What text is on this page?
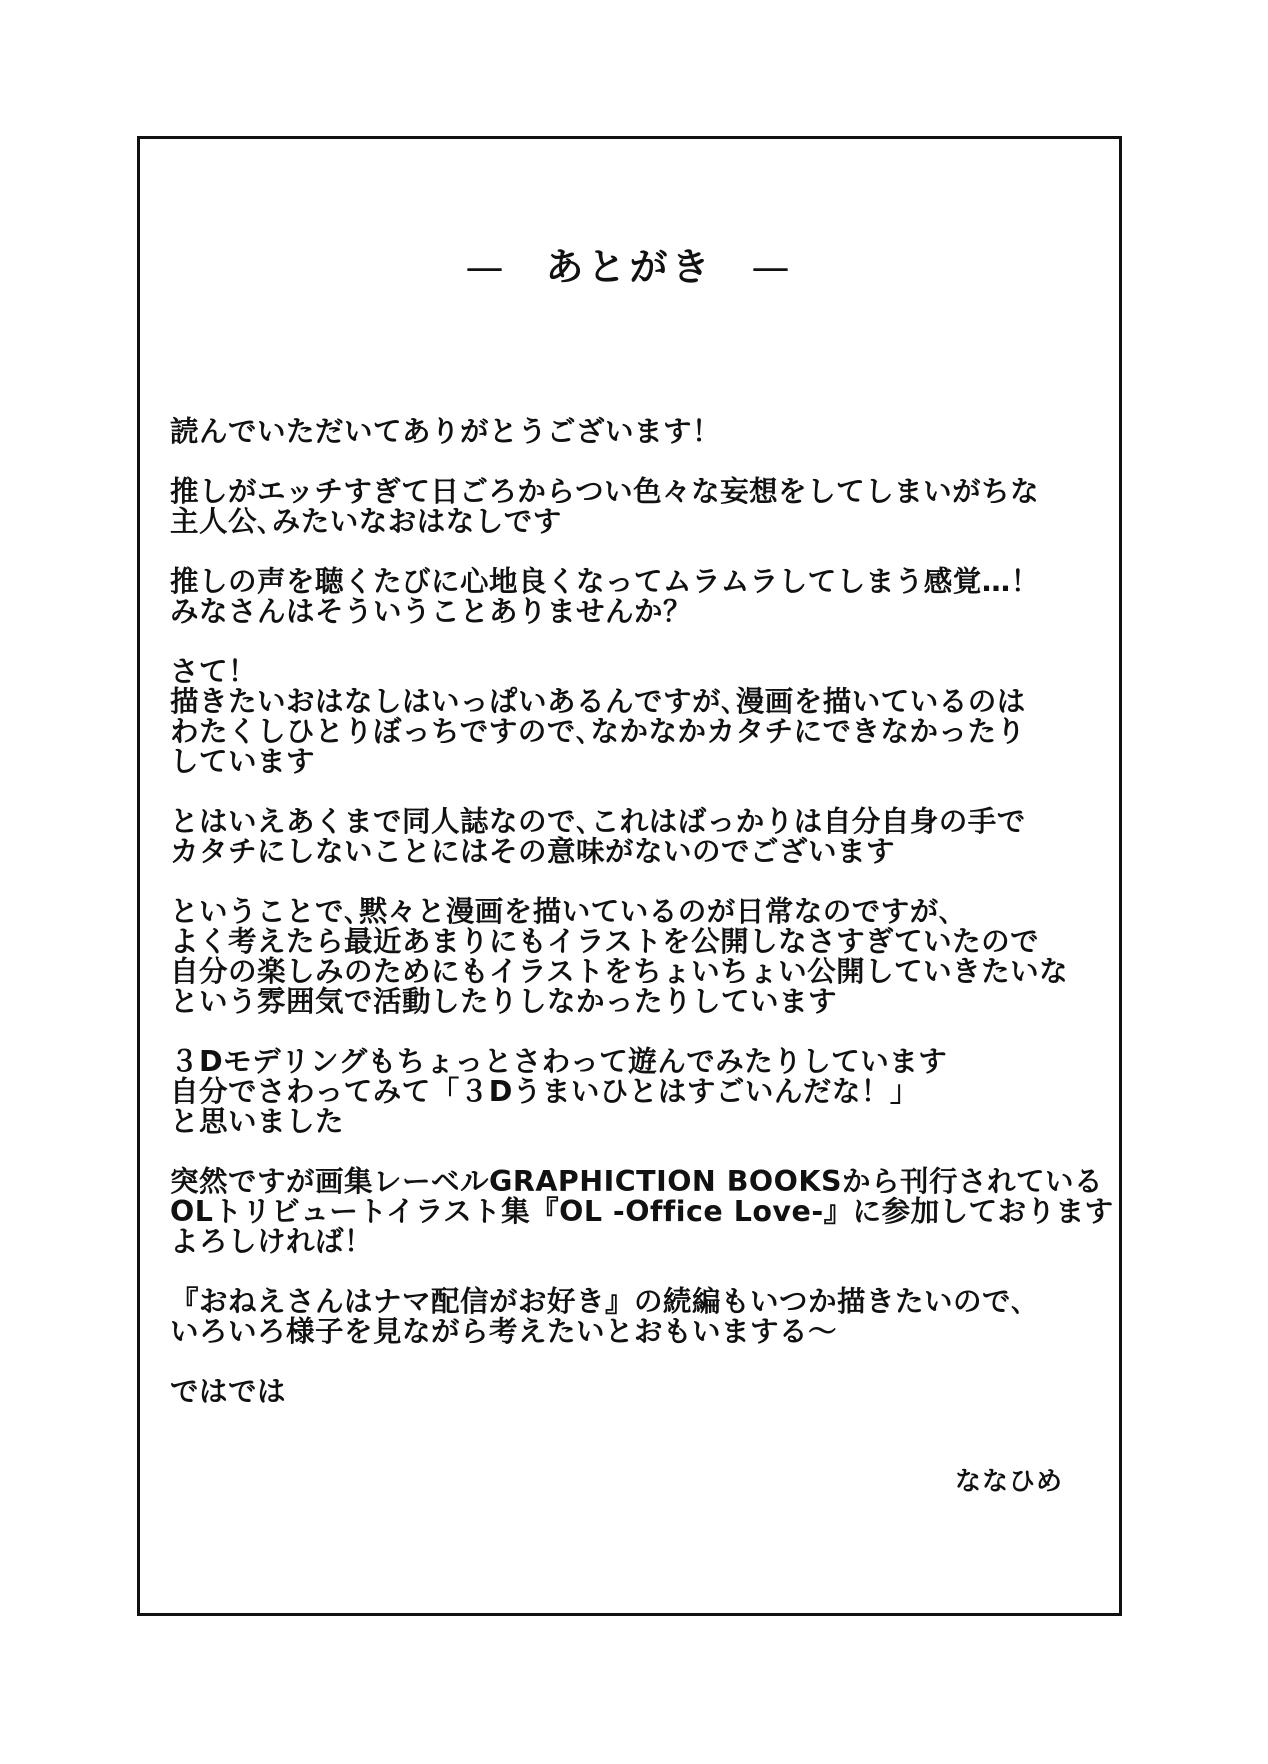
— あとがき —
読んでいただいてありがとうございます！
推しがエッチすぎて日ごろからつい色々な妄想をしてしまいがちな
主人公､みたいなおはなしです
推しの声を聴くたびに心地良くなってムラムラしてしまう感覚…！
みなさんはそういうことありませんか？
さて！
描きたいおはなしはいっぱいあるんですが､漫画を描いているのは
わたくしひとりぼっちですので､なかなかカタチにできなかったり
しています
とはいえあくまで同人誌なので､これはばっかりは自分自身の手で
カタチにしないことにはその意味がないのでございます
ということで､黙々と漫画を描いているのが日常なのですが､
よく考えたら最近あまりにもイラストを公開しなさすぎていたので
自分の楽しみのためにもイラストをちょいちょい公開していきたいな
という雰囲気で活動したりしなかったりしています
３Dモデリングもちょっとさわって遊んでみたりしています
自分でさわってみて「３Dうまいひとはすごいんだな！」
と思いました
突然ですが画集レーベルGRAPHICTION BOOKSから刊行されている
OLトリビュートイラスト集『OL -Office Love-』に参加しております
よろしければ！
『おねえさんはナマ配信がお好き』の続編もいつか描きたいので､
いろいろ様子を見ながら考えたいとおもいまする〜
ではでは
ななひめ
